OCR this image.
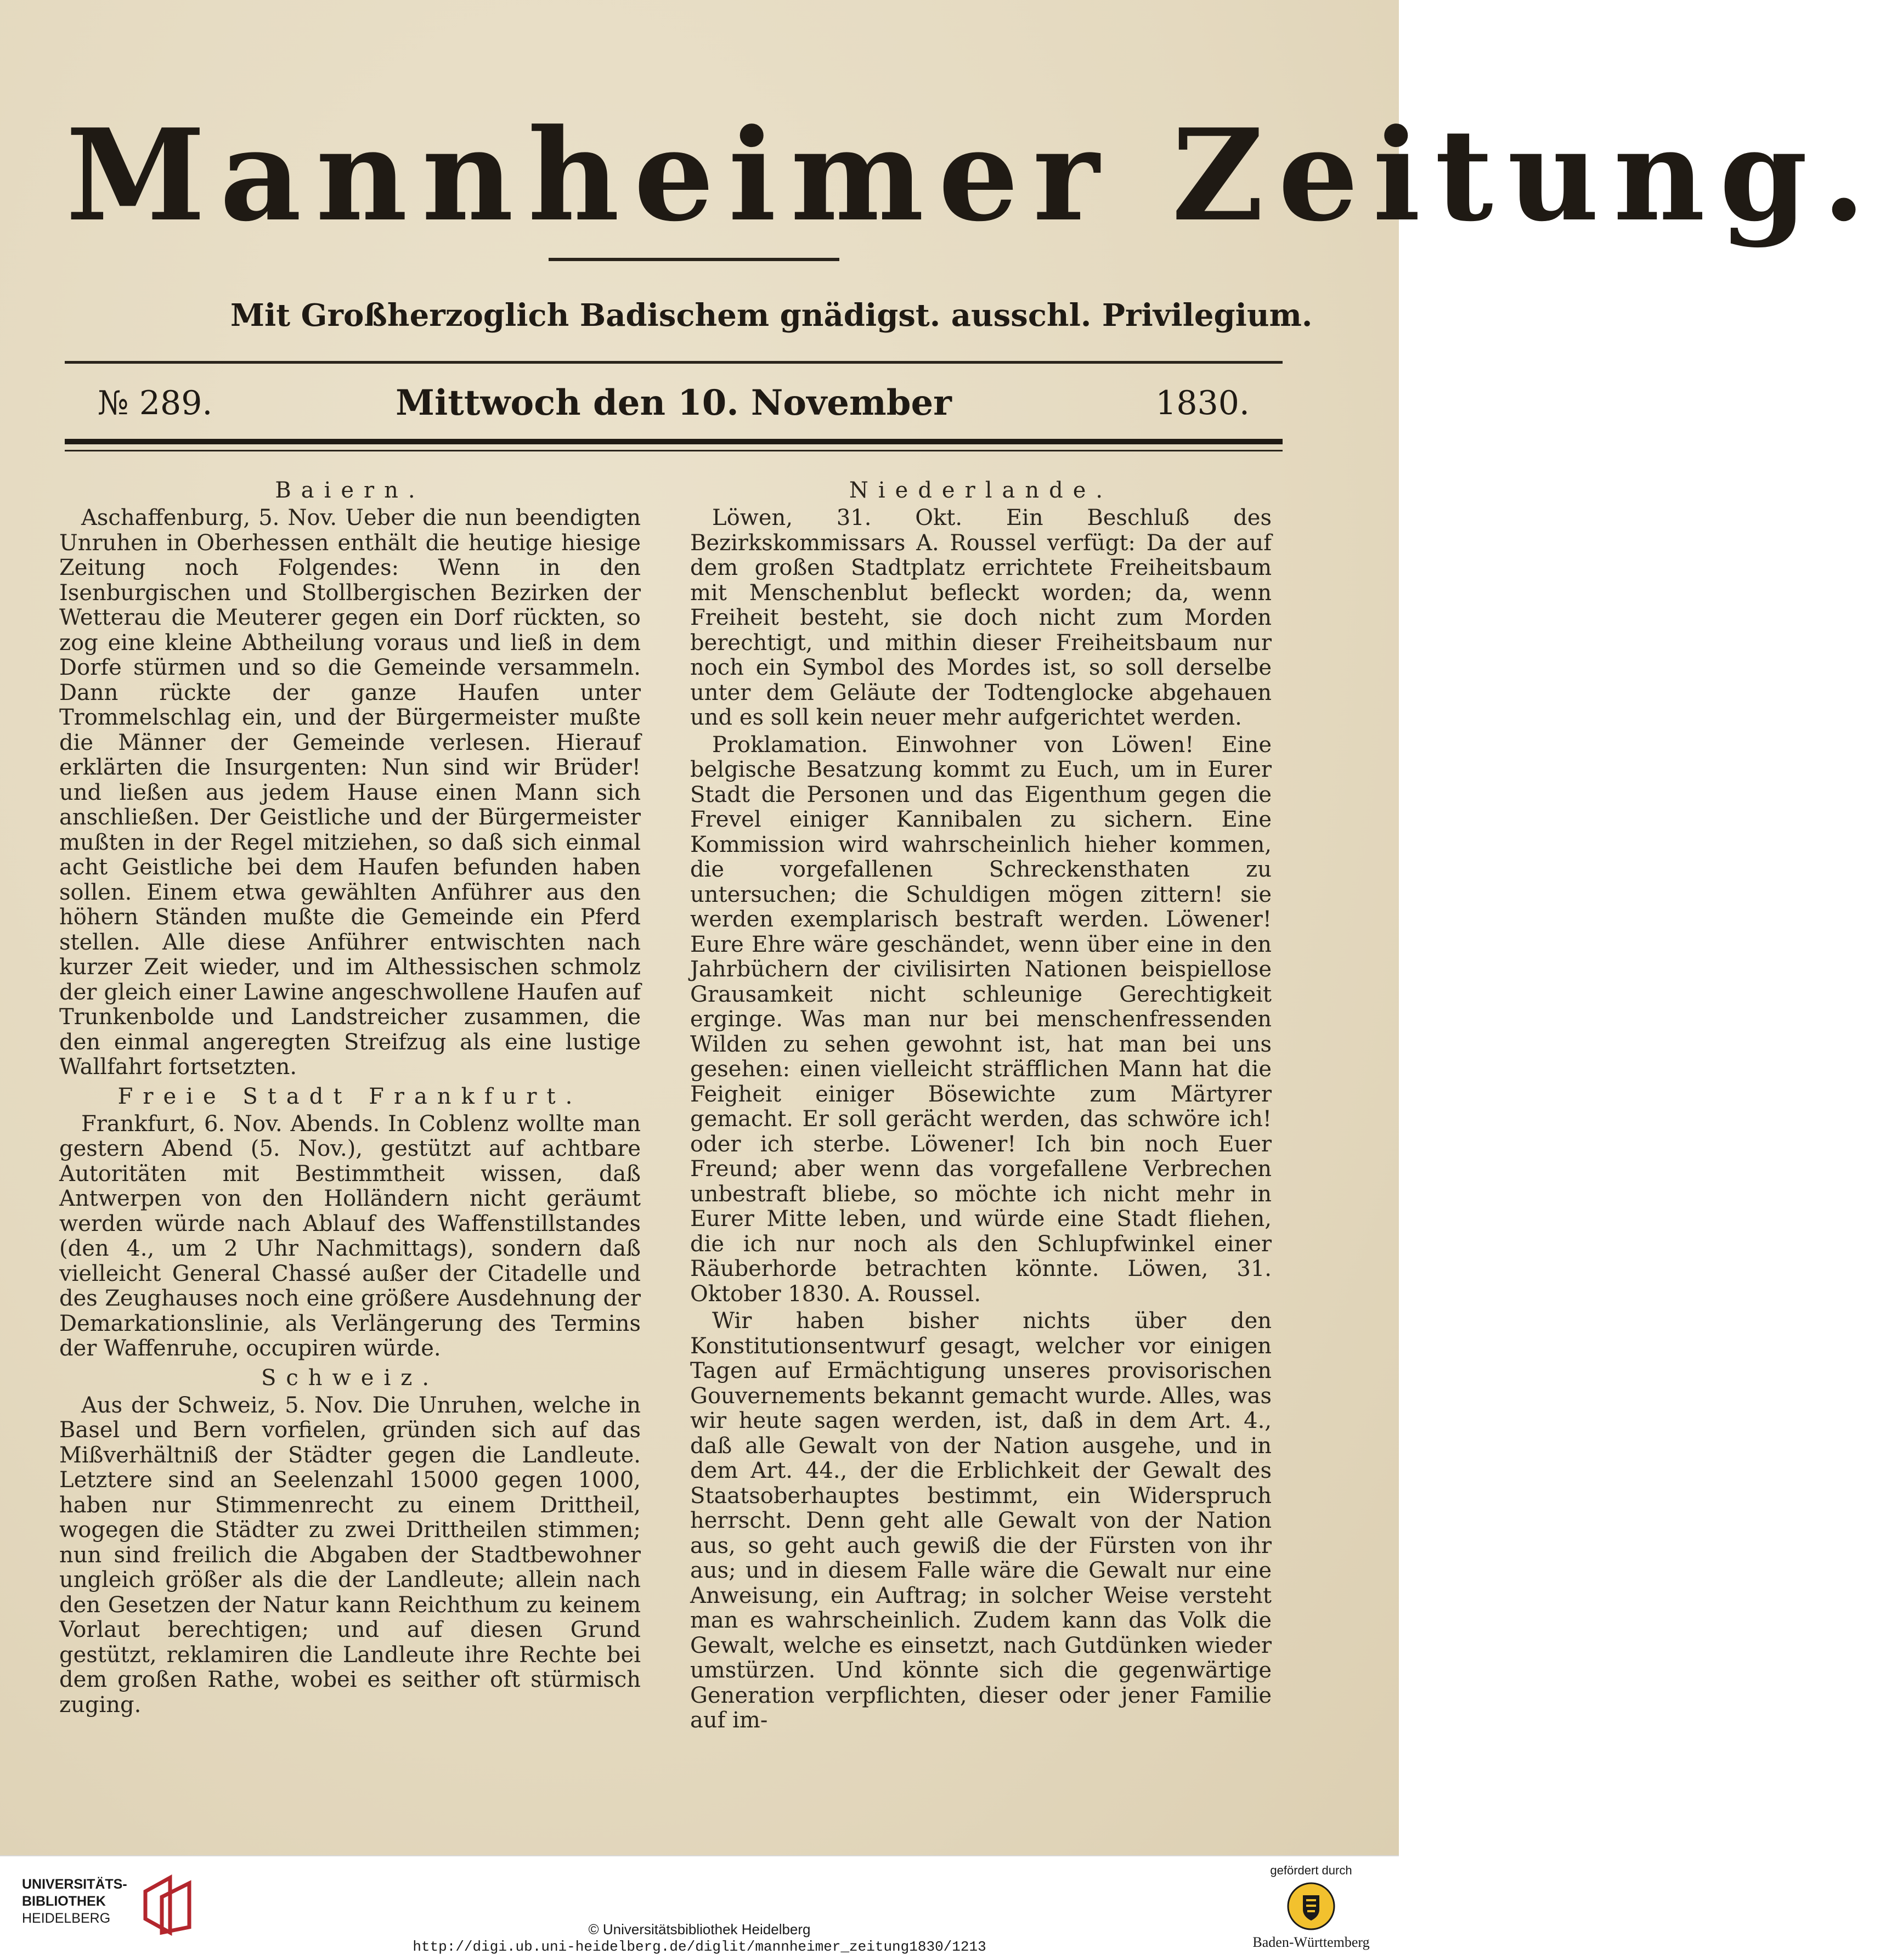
Mannheimer Zeitung.
Mit Großherzoglich Badischem gnädigst. ausschl. Privilegium.
№ 289.	Mittwoch den 10. November	1830.
Baiern.

Aschaffenburg, 5. Nov. Ueber die nun beendigten Unruhen in Oberhessen enthält die heutige hiesige Zeitung noch Folgendes: Wenn in den Isenburgischen und Stollbergischen Bezirken der Wetterau die Meuterer gegen ein Dorf rückten, so zog eine kleine Abtheilung voraus und ließ in dem Dorfe stürmen und so die Gemeinde versammeln. Dann rückte der ganze Haufen unter Trommelschlag ein, und der Bürgermeister mußte die Männer der Gemeinde verlesen. Hierauf erklärten die Insurgenten: Nun sind wir Brüder! und ließen aus jedem Hause einen Mann sich anschließen. Der Geistliche und der Bürgermeister mußten in der Regel mitziehen, so daß sich einmal acht Geistliche bei dem Haufen befunden haben sollen. Einem etwa gewählten Anführer aus den höhern Ständen mußte die Gemeinde ein Pferd stellen. Alle diese Anführer entwischten nach kurzer Zeit wieder, und im Althessischen schmolz der gleich einer Lawine angeschwollene Haufen auf Trunkenbolde und Landstreicher zusammen, die den einmal angeregten Streifzug als eine lustige Wallfahrt fortsetzten.

Freie Stadt Frankfurt.

Frankfurt, 6. Nov. Abends. In Coblenz wollte man gestern Abend (5. Nov.), gestützt auf achtbare Autoritäten mit Bestimmtheit wissen, daß Antwerpen von den Holländern nicht geräumt werden würde nach Ablauf des Waffenstillstandes (den 4., um 2 Uhr Nachmittags), sondern daß vielleicht General Chassé außer der Citadelle und des Zeughauses noch eine größere Ausdehnung der Demarkationslinie, als Verlängerung des Termins der Waffenruhe, occupiren würde.

Schweiz.

Aus der Schweiz, 5. Nov. Die Unruhen, welche in Basel und Bern vorfielen, gründen sich auf das Mißverhältniß der Städter gegen die Landleute. Letztere sind an Seelenzahl 15000 gegen 1000, haben nur Stimmenrecht zu einem Drittheil, wogegen die Städter zu zwei Drittheilen stimmen; nun sind freilich die Abgaben der Stadtbewohner ungleich größer als die der Landleute; allein nach den Gesetzen der Natur kann Reichthum zu keinem Vorlaut berechtigen; und auf diesen Grund gestützt, reklamiren die Landleute ihre Rechte bei dem großen Rathe, wobei es seither oft stürmisch zuging.

Niederlande.

Löwen, 31. Okt. Ein Beschluß des Bezirkskommissars A. Roussel verfügt: Da der auf dem großen Stadtplatz errichtete Freiheitsbaum mit Menschenblut befleckt worden; da, wenn Freiheit besteht, sie doch nicht zum Morden berechtigt, und mithin dieser Freiheitsbaum nur noch ein Symbol des Mordes ist, so soll derselbe unter dem Geläute der Todtenglocke abgehauen und es soll kein neuer mehr aufgerichtet werden.

Proklamation. Einwohner von Löwen! Eine belgische Besatzung kommt zu Euch, um in Eurer Stadt die Personen und das Eigenthum gegen die Frevel einiger Kannibalen zu sichern. Eine Kommission wird wahrscheinlich hieher kommen, die vorgefallenen Schreckensthaten zu untersuchen; die Schuldigen mögen zittern! sie werden exemplarisch bestraft werden. Löwener! Eure Ehre wäre geschändet, wenn über eine in den Jahrbüchern der civilisirten Nationen beispiellose Grausamkeit nicht schleunige Gerechtigkeit erginge. Was man nur bei menschenfressenden Wilden zu sehen gewohnt ist, hat man bei uns gesehen: einen vielleicht sträfflichen Mann hat die Feigheit einiger Bösewichte zum Märtyrer gemacht. Er soll gerächt werden, das schwöre ich! oder ich sterbe. Löwener! Ich bin noch Euer Freund; aber wenn das vorgefallene Verbrechen unbestraft bliebe, so möchte ich nicht mehr in Eurer Mitte leben, und würde eine Stadt fliehen, die ich nur noch als den Schlupfwinkel einer Räuberhorde betrachten könnte. Löwen, 31. Oktober 1830. A. Roussel.

Wir haben bisher nichts über den Konstitutionsentwurf gesagt, welcher vor einigen Tagen auf Ermächtigung unseres provisorischen Gouvernements bekannt gemacht wurde. Alles, was wir heute sagen werden, ist, daß in dem Art. 4., daß alle Gewalt von der Nation ausgehe, und in dem Art. 44., der die Erblichkeit der Gewalt des Staatsoberhauptes bestimmt, ein Widerspruch herrscht. Denn geht alle Gewalt von der Nation aus, so geht auch gewiß die der Fürsten von ihr aus; und in diesem Falle wäre die Gewalt nur eine Anweisung, ein Auftrag; in solcher Weise versteht man es wahrscheinlich. Zudem kann das Volk die Gewalt, welche es einsetzt, nach Gutdünken wieder umstürzen. Und könnte sich die gegenwärtige Generation verpflichten, dieser oder jener Familie auf im-

UNIVERSITÄTS-
BIBLIOTHEK
HEIDELBERG
© Universitätsbibliothek Heidelberg
http://digi.ub.uni-heidelberg.de/diglit/mannheimer_zeitung1830/1213
gefördert durch
Baden-Württemberg
